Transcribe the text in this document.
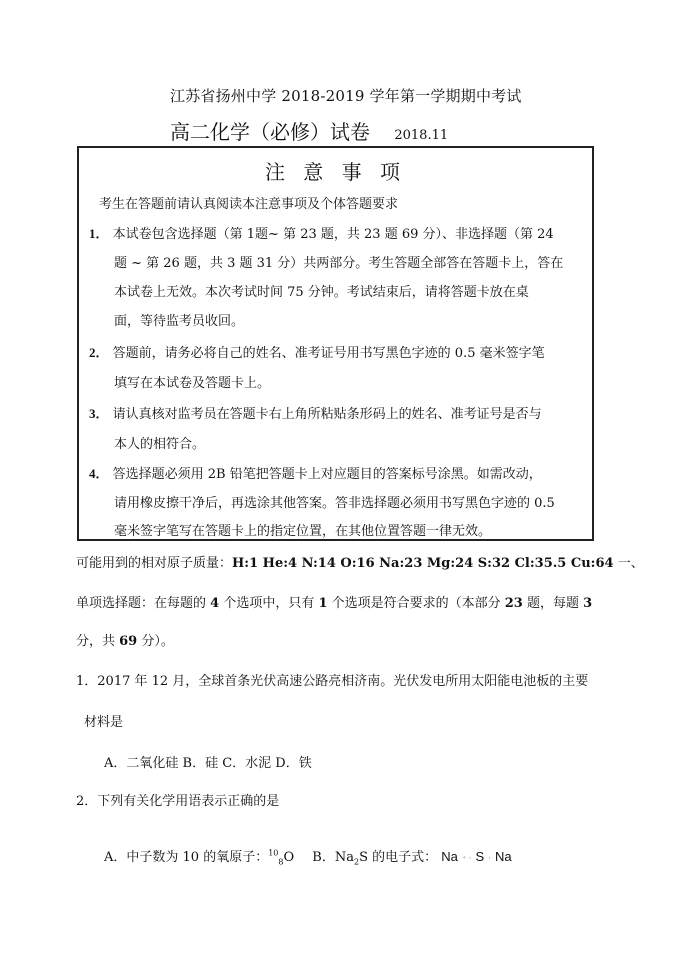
江苏省扬州中学 2018-2019 学年第一学期期中考试
高二化学（必修）试卷 2018.11
注 意 事 项
考生在答题前请认真阅读本注意事项及个体答题要求
1． 本试卷包含选择题（第 1题~ 第 23 题，共 23 题 69 分）、非选择题（第 24
题 ~ 第 26 题，共 3 题 31 分）共两部分。考生答题全部答在答题卡上，答在
本试卷上无效。本次考试时间 75 分钟。考试结束后，请将答题卡放在桌
面，等待监考员收回。
2． 答题前，请务必将自己的姓名、准考证号用书写黑色字迹的 0.5 毫米签字笔
填写在本试卷及答题卡上。
3． 请认真核对监考员在答题卡右上角所粘贴条形码上的姓名、准考证号是否与
本人的相符合。
4． 答选择题必须用 2B 铅笔把答题卡上对应题目的答案标号涂黑。如需改动，
请用橡皮擦干净后，再选涂其他答案。答非选择题必须用书写黑色字迹的 0.5
毫米签字笔写在答题卡上的指定位置，在其他位置答题一律无效。
可能用到的相对原子质量：H:1 He:4 N:14 O:16 Na:23 Mg:24 S:32 Cl:35.5 Cu:64 一、
单项选择题：在每题的 4 个选项中，只有 1 个选项是符合要求的（本部分 23 题，每题 3
分，共 69 分）。
1．2017 年 12 月，全球首条光伏高速公路亮相济南。光伏发电所用太阳能电池板的主要
材料是
A．二氧化硅 B．硅 C．水泥 D．铁
2．下列有关化学用语表示正确的是
A．中子数为 10 的氧原子：$^{10}_8$O B．$Na_2S$ 的电子式： Na ⁺ · S · Na
